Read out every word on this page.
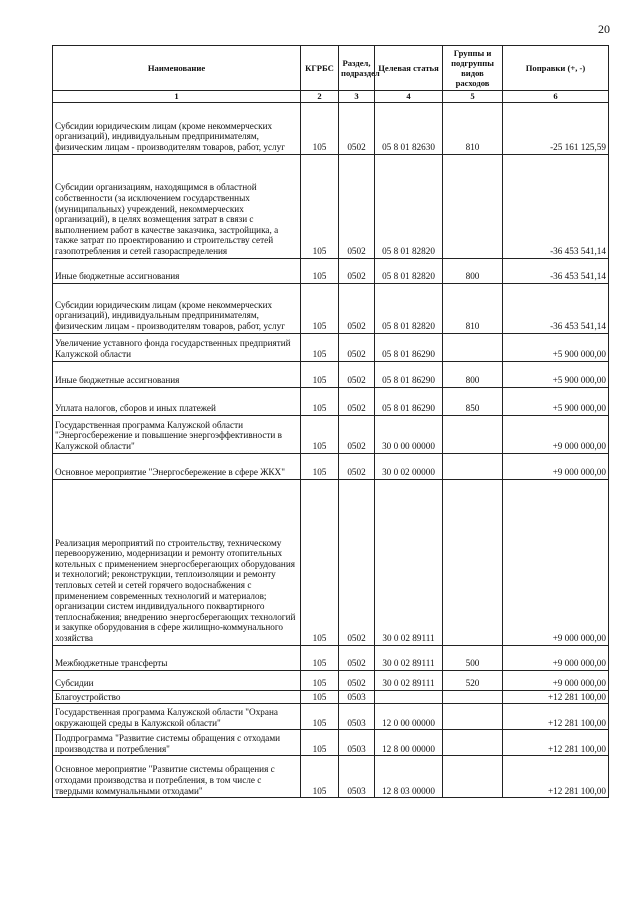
20
Наименование	КГРБС	Раздел, подраздел	Целевая статья	Группы и подгруппы видов расходов	Поправки (+, -)
1	2	3	4	5	6
Субсидии юридическим лицам (кроме некоммерческих организаций), индивидуальным предпринимателям, физическим лицам - производителям товаров, работ, услуг	105	0502	05 8 01 82630	810	-25 161 125,59
Субсидии организациям, находящимся в областной собственности (за исключением государственных (муниципальных) учреждений, некоммерческих организаций), в целях возмещения затрат в связи с выполнением работ в качестве заказчика, застройщика, а также затрат по проектированию и строительству сетей газопотребления и сетей газораспределения	105	0502	05 8 01 82820		-36 453 541,14
Иные бюджетные ассигнования	105	0502	05 8 01 82820	800	-36 453 541,14
Субсидии юридическим лицам (кроме некоммерческих организаций), индивидуальным предпринимателям, физическим лицам - производителям товаров, работ, услуг	105	0502	05 8 01 82820	810	-36 453 541,14
Увеличение уставного фонда государственных предприятий Калужской области	105	0502	05 8 01 86290		+5 900 000,00
Иные бюджетные ассигнования	105	0502	05 8 01 86290	800	+5 900 000,00
Уплата налогов, сборов и иных платежей	105	0502	05 8 01 86290	850	+5 900 000,00
Государственная программа Калужской области "Энергосбережение и повышение энергоэффективности в Калужской области"	105	0502	30 0 00 00000		+9 000 000,00
Основное мероприятие "Энергосбережение в сфере ЖКХ"	105	0502	30 0 02 00000		+9 000 000,00
Реализация мероприятий по строительству, техническому перевооружению, модернизации и ремонту отопительных котельных с применением энергосберегающих оборудования и технологий; реконструкции, теплоизоляции и ремонту тепловых сетей и сетей горячего водоснабжения с применением современных технологий и материалов; организации систем индивидуального поквартирного теплоснабжения; внедрению энергосберегающих технологий и закупке оборудования в сфере жилищно-коммунального хозяйства	105	0502	30 0 02 89111		+9 000 000,00
Межбюджетные трансферты	105	0502	30 0 02 89111	500	+9 000 000,00
Субсидии	105	0502	30 0 02 89111	520	+9 000 000,00
Благоустройство	105	0503			+12 281 100,00
Государственная программа Калужской области "Охрана окружающей среды в Калужской области"	105	0503	12 0 00 00000		+12 281 100,00
Подпрограмма "Развитие системы обращения с отходами производства и потребления"	105	0503	12 8 00 00000		+12 281 100,00
Основное мероприятие "Развитие системы обращения с отходами производства и потребления, в том числе с твердыми коммунальными отходами"	105	0503	12 8 03 00000		+12 281 100,00
